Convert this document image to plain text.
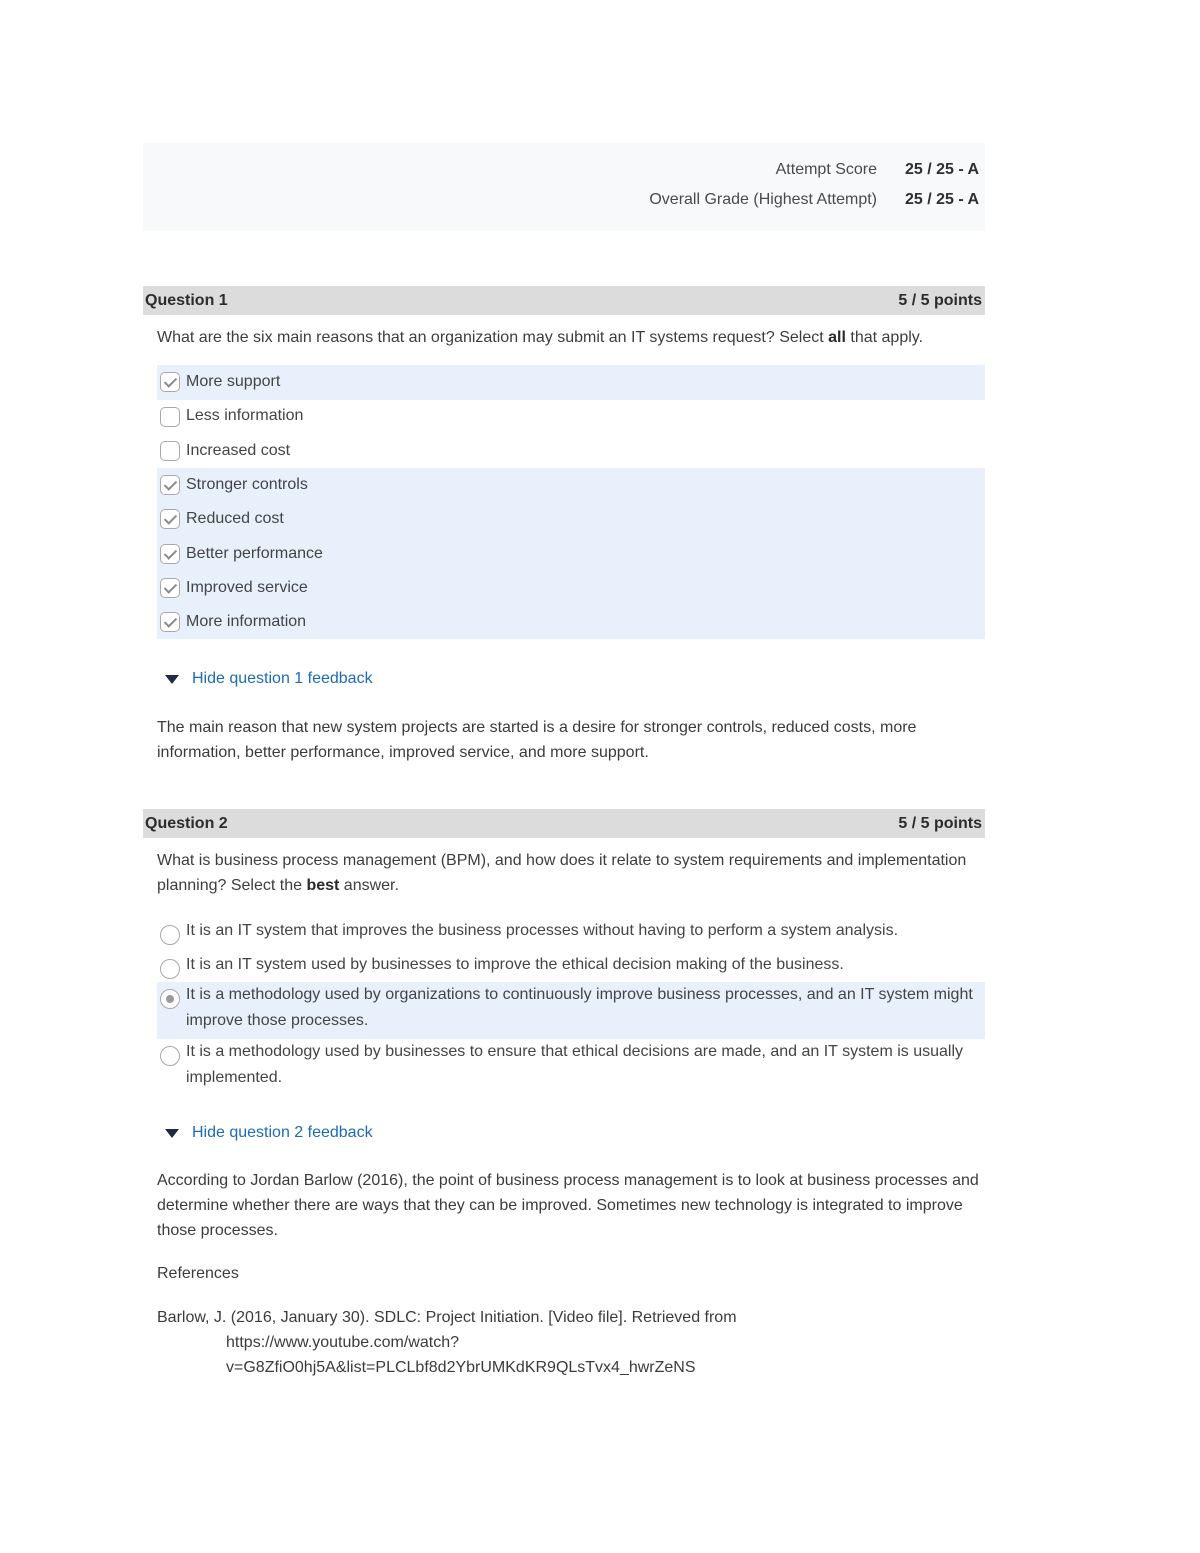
Attempt Score	25 / 25 - A
Overall Grade (Highest Attempt)	25 / 25 - A
Question 1	5 / 5 points
What are the six main reasons that an organization may submit an IT systems request? Select all that apply.
More support
Less information
Increased cost
Stronger controls
Reduced cost
Better performance
Improved service
More information
Hide question 1 feedback
The main reason that new system projects are started is a desire for stronger controls, reduced costs, more information, better performance, improved service, and more support.
Question 2	5 / 5 points
What is business process management (BPM), and how does it relate to system requirements and implementation planning? Select the best answer.
It is an IT system that improves the business processes without having to perform a system analysis.
It is an IT system used by businesses to improve the ethical decision making of the business.
It is a methodology used by organizations to continuously improve business processes, and an IT system might improve those processes.
It is a methodology used by businesses to ensure that ethical decisions are made, and an IT system is usually implemented.
Hide question 2 feedback
According to Jordan Barlow (2016), the point of business process management is to look at business processes and determine whether there are ways that they can be improved. Sometimes new technology is integrated to improve those processes.
References
Barlow, J. (2016, January 30). SDLC: Project Initiation. [Video file]. Retrieved from
https://www.youtube.com/watch?
v=G8ZfiO0hj5A&list=PLCLbf8d2YbrUMKdKR9QLsTvx4_hwrZeNS
